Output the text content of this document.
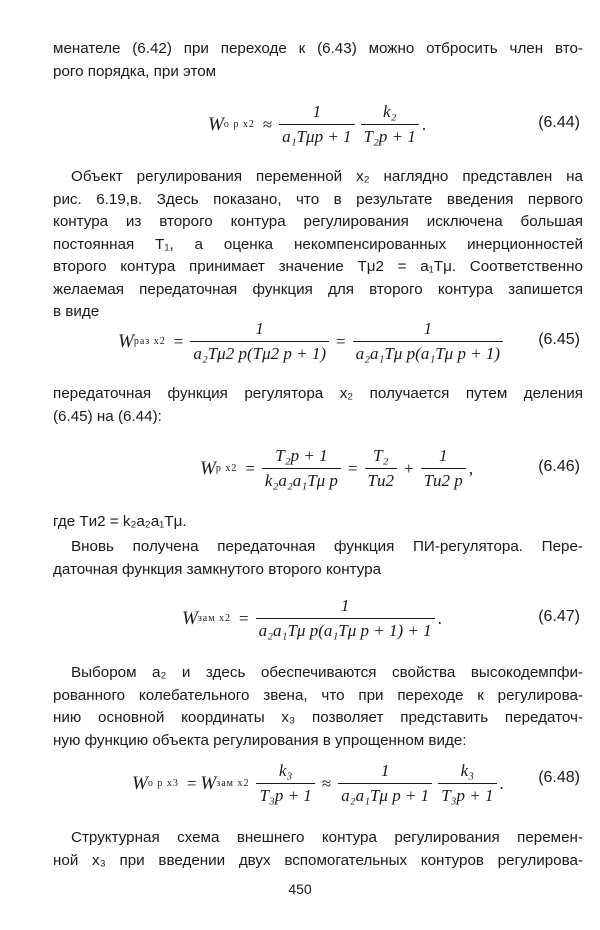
менателе (6.42) при переходе к (6.43) можно отбросить член вто-
рого порядка, при этом
W о р $x2 \approx \frac{1}{\text{a₁Tμp + 1}} \frac{\text{k₂}}{\text{T₂p + 1}}$ .	(6.44)
Объект регулирования переменной x₂ наглядно представлен на
рис. 6.19,в. Здесь показано, что в результате введения первого
контура из второго контура регулирования исключена большая
постоянная T₁, а оценка некомпенсированных инерционностей
второго контура принимает значение Tμ2 = a₁Tμ. Соответственно
желаемая передаточная функция для второго контура запишется
в виде
W раз $x2 = \frac{1}{\text{a₂Tμ2 p(Tμ2 p + 1)}} = \frac{1}{\text{a₂a₁Tμ p(a₁Tμ p + 1)}} (6.45)$
передаточная функция регулятора x₂ получается путем деления
(6.45) на (6.44):
W р $x2 = \frac{\text{T₂p + 1}}{\text{k₂a₂a₁Tμ p}} = \frac{\text{T₂}}{Tи2} + \frac{1}{Tи2 p}$ ,	(6.46)
где Tи2 = k₂a₂a₁Tμ.
Вновь получена передаточная функция ПИ-регулятора. Пере-
даточная функция замкнутого второго контура
W зам $x2 = \frac{1}{\text{a₂a₁Tμ p(a₁Tμ p + 1) + 1}}$ .	(6.47)
Выбором a₂ и здесь обеспечиваются свойства высокодемпфи-
рованного колебательного звена, что при переходе к регулирова-
нию основной координаты x₃ позволяет представить передаточ-
ную функцию объекта регулирования в упрощенном виде:
W о р x3 = W зам $x2 \frac{\text{k₃}}{\text{T₃p + 1}} \approx \frac{1}{\text{a₂a₁Tμ p + 1}} \frac{\text{k₃}}{\text{T₃p + 1}}$ . (6.48)
Структурная схема внешнего контура регулирования перемен-
ной x₃ при введении двух вспомогательных контуров регулирова-
450
